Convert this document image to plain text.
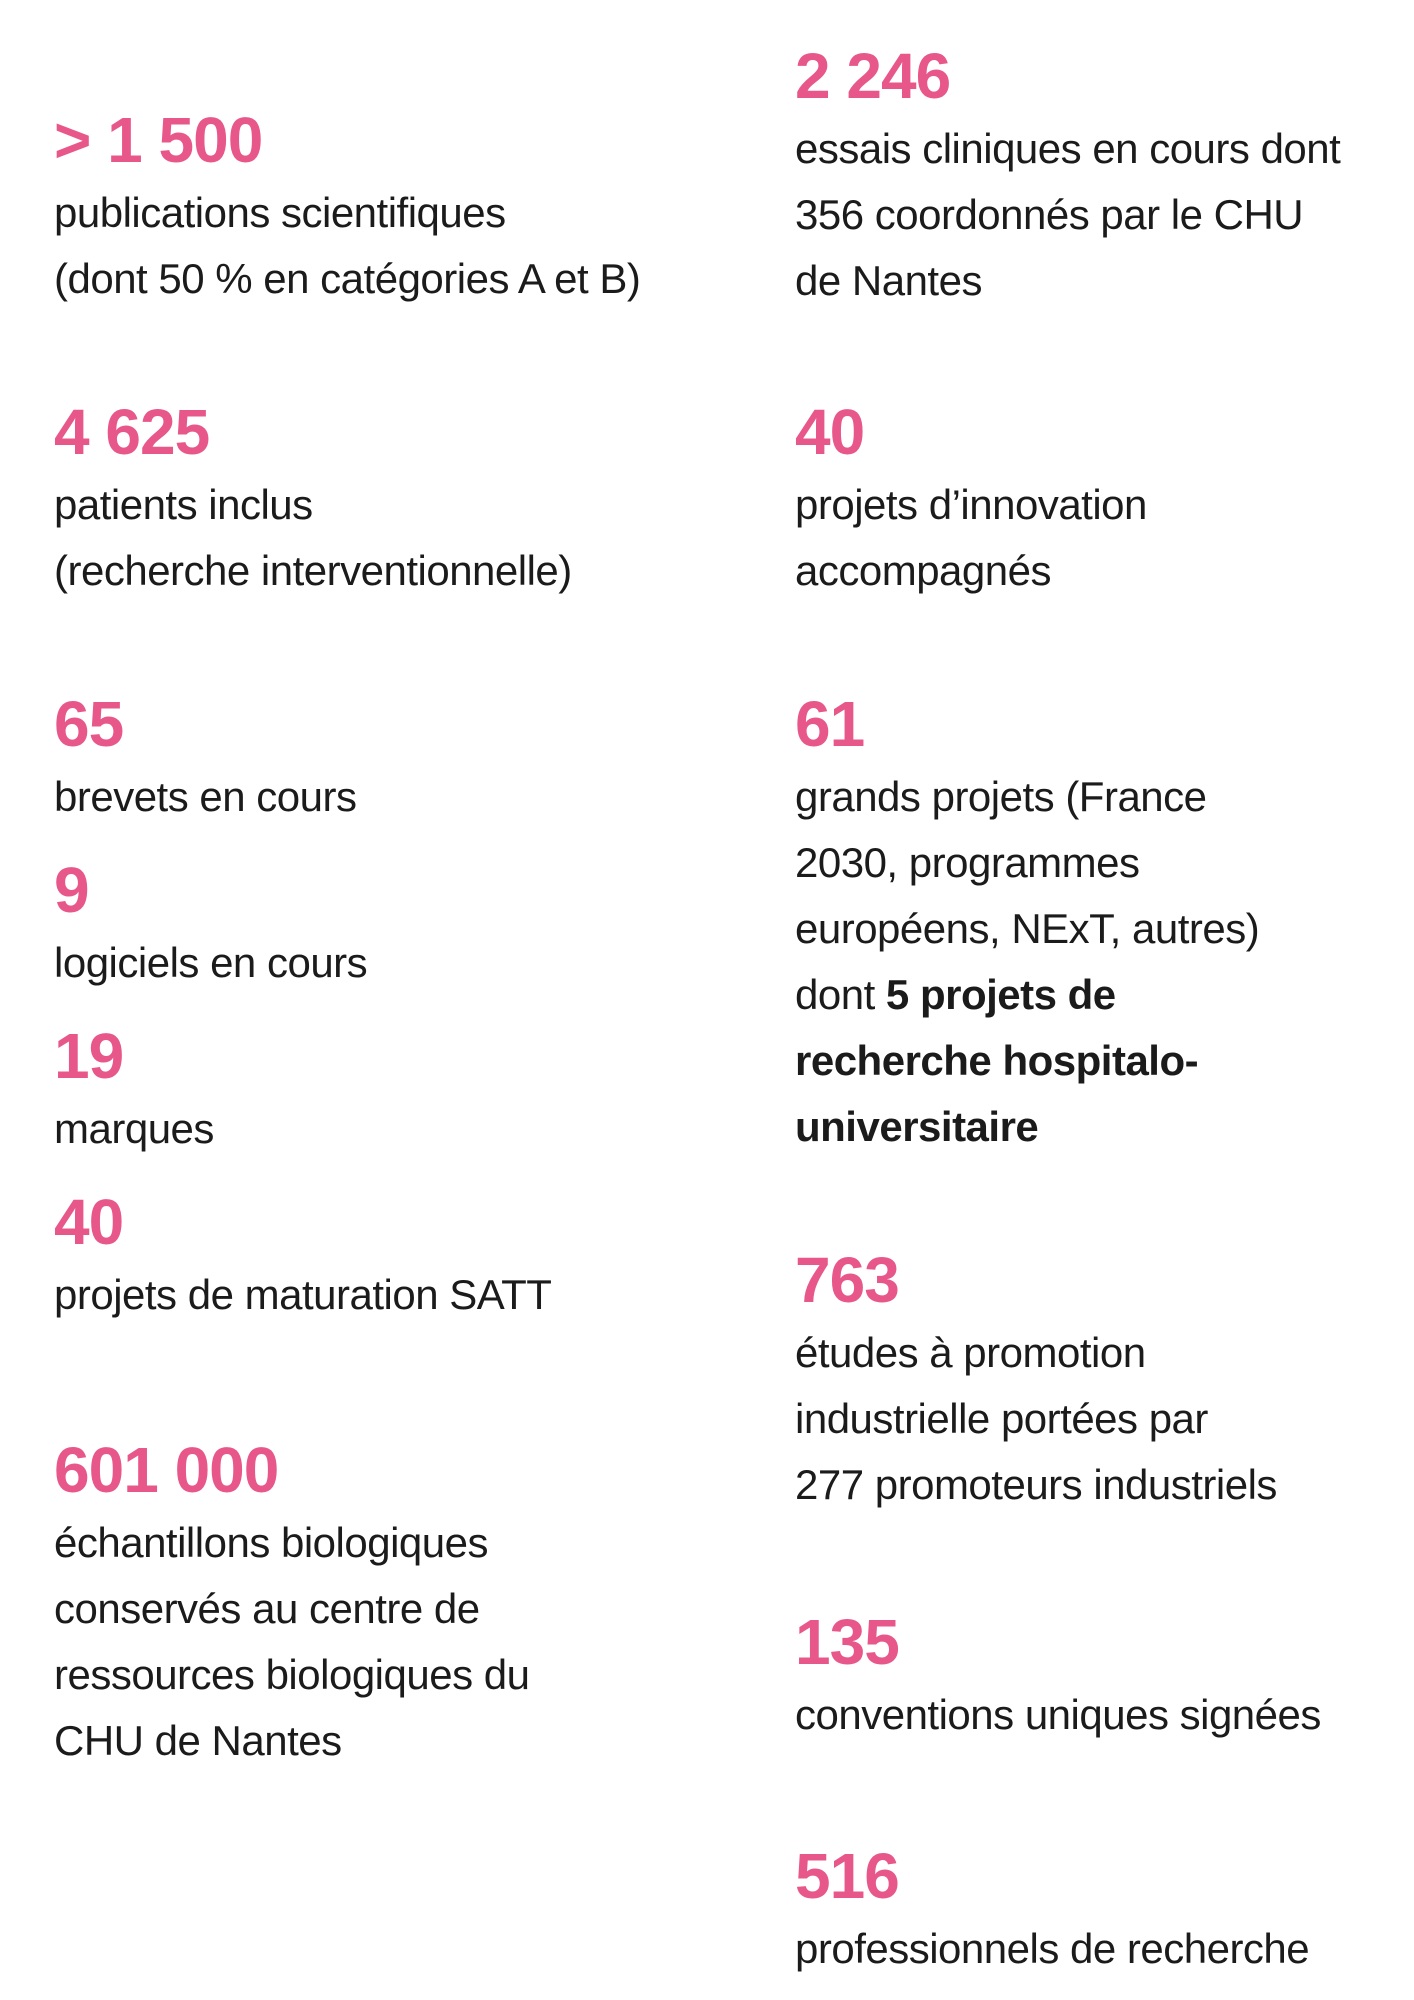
> 1 500
publications scientifiques
(dont 50 % en catégories A et B)
4 625
patients inclus
(recherche interventionnelle)
65
brevets en cours
9
logiciels en cours
19
marques
40
projets de maturation SATT
601 000
échantillons biologiques
conservés au centre de
ressources biologiques du
CHU de Nantes
2 246
essais cliniques en cours dont
356 coordonnés par le CHU
de Nantes
40
projets d’innovation
accompagnés
61
grands projets (France
2030, programmes
européens, NExT, autres)
dont 5 projets de
recherche hospitalo-
universitaire
763
études à promotion
industrielle portées par
277 promoteurs industriels
135
conventions uniques signées
516
professionnels de recherche
